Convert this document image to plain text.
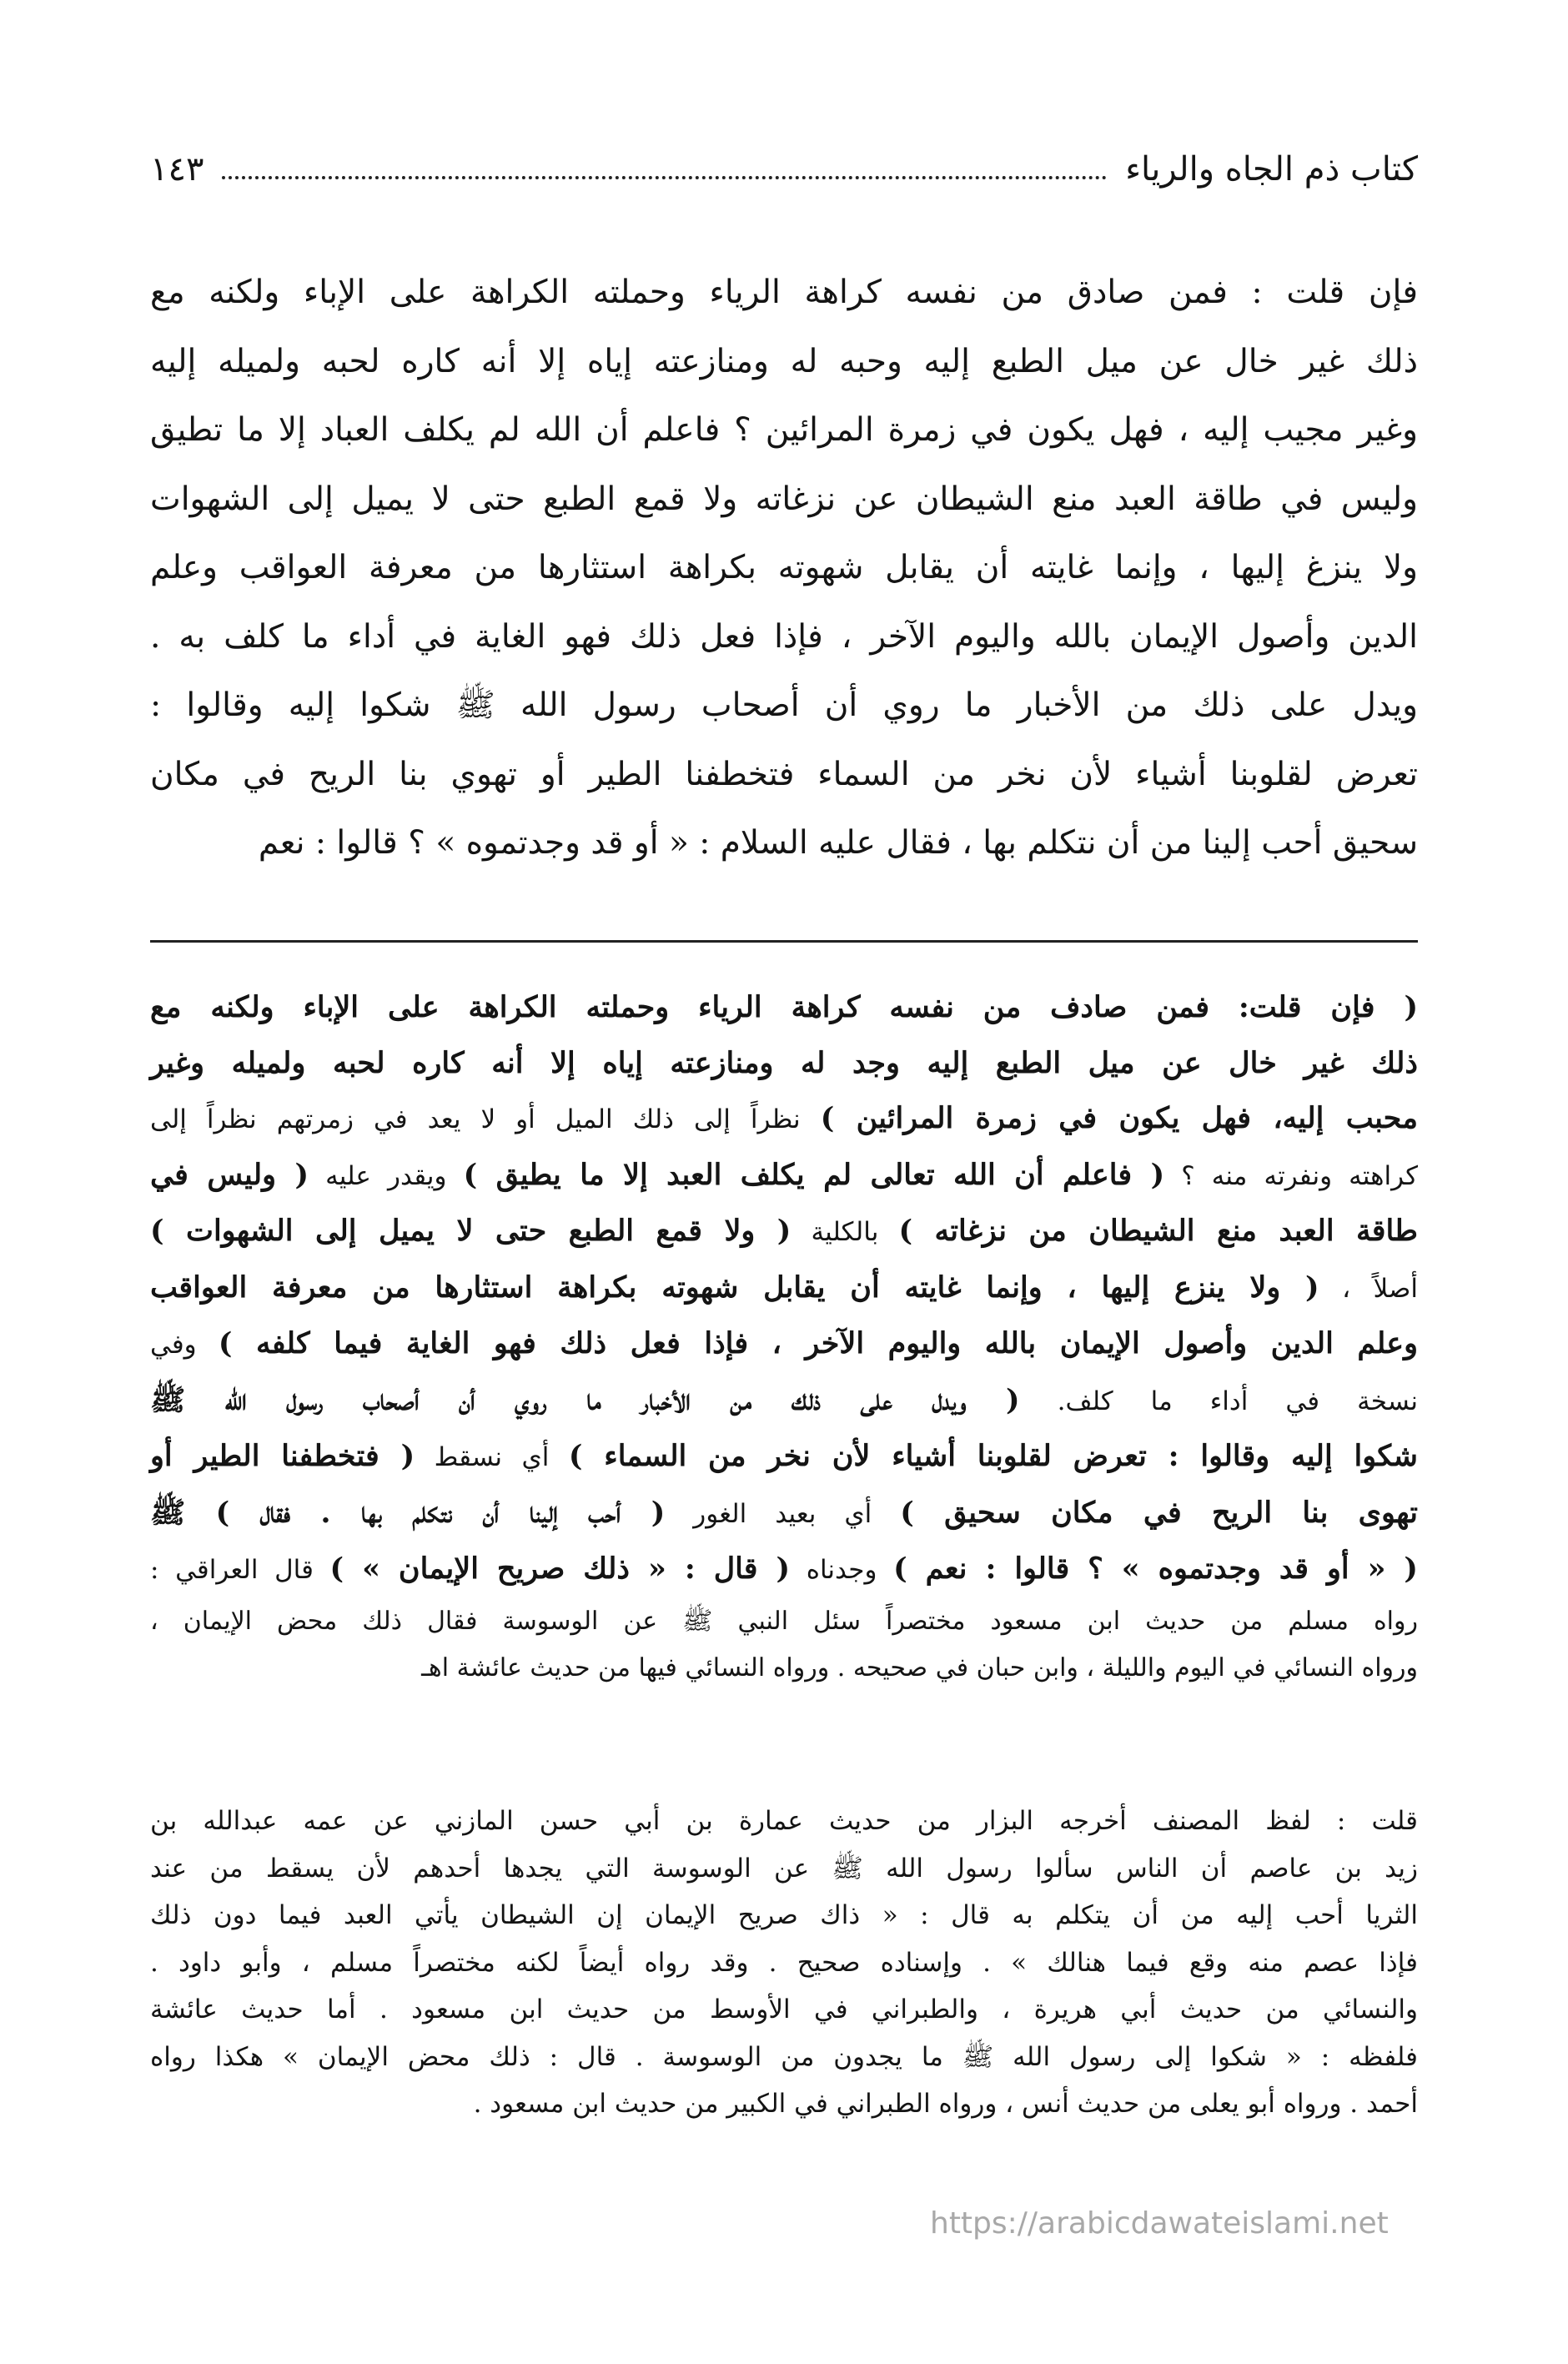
كتاب ذم الجاه والرياء
١٤٣

فإن قلت : فمن صادق من نفسه كراهة الرياء وحملته الكراهة على الإباء ولكنه مع

ذلك غير خال عن ميل الطبع إليه وحبه له ومنازعته إياه إلا أنه كاره لحبه ولميله إليه

وغير مجيب إليه ، فهل يكون في زمرة المرائين ؟ فاعلم أن الله لم يكلف العباد إلا ما تطيق

وليس في طاقة العبد منع الشيطان عن نزغاته ولا قمع الطبع حتى لا يميل إلى الشهوات

ولا ينزغ إليها ، وإنما غايته أن يقابل شهوته بكراهة استثارها من معرفة العواقب وعلم

الدين وأصول الإيمان بالله واليوم الآخر ، فإذا فعل ذلك فهو الغاية في أداء ما كلف به .

ويدل على ذلك من الأخبار ما روي أن أصحاب رسول الله ﷺ شكوا إليه وقالوا :

تعرض لقلوبنا أشياء لأن نخر من السماء فتخطفنا الطير أو تهوي بنا الريح في مكان

سحيق أحب إلينا من أن نتكلم بها ، فقال عليه السلام : « أو قد وجدتموه » ؟ قالوا : نعم

( فإن قلت: فمن صادف من نفسه كراهة الرياء وحملته الكراهة على الإباء ولكنه مع

ذلك غير خال عن ميل الطبع إليه وجد له ومنازعته إياه إلا أنه كاره لحبه ولميله وغير

محبب إليه، فهل يكون في زمرة المرائين ) نظراً إلى ذلك الميل أو لا يعد في زمرتهم نظراً إلى

كراهته ونفرته منه ؟ ( فاعلم أن الله تعالى لم يكلف العبد إلا ما يطيق ) ويقدر عليه ( وليس في

طاقة العبد منع الشيطان من نزغاته ) بالكلية ( ولا قمع الطبع حتى لا يميل إلى الشهوات )

أصلاً ، ( ولا ينزع إليها ، وإنما غايته أن يقابل شهوته بكراهة استثارها من معرفة العواقب

وعلم الدين وأصول الإيمان بالله واليوم الآخر ، فإذا فعل ذلك فهو الغاية فيما كلفه ) وفي

نسخة في أداء ما كلف. ( ويدل على ذلك من الأخبار ما روي أن أصحاب رسول الله ﷺ

شكوا إليه وقالوا : تعرض لقلوبنا أشياء لأن نخر من السماء ) أي نسقط ( فتخطفنا الطير أو

تهوى بنا الريح في مكان سحيق ) أي بعيد الغور ( أحب إلينا أن نتكلم بها . فقال ) ﷺ

( « أو قد وجدتموه » ؟ قالوا : نعم ) وجدناه ( قال : « ذلك صريح الإيمان » ) قال العراقي :

رواه مسلم من حديث ابن مسعود مختصراً سئل النبي ﷺ عن الوسوسة فقال ذلك محض الإيمان ،

ورواه النسائي في اليوم والليلة ، وابن حبان في صحيحه . ورواه النسائي فيها من حديث عائشة اهـ

قلت : لفظ المصنف أخرجه البزار من حديث عمارة بن أبي حسن المازني عن عمه عبدالله بن

زيد بن عاصم أن الناس سألوا رسول الله ﷺ عن الوسوسة التي يجدها أحدهم لأن يسقط من عند

الثريا أحب إليه من أن يتكلم به قال : « ذاك صريح الإيمان إن الشيطان يأتي العبد فيما دون ذلك

فإذا عصم منه وقع فيما هنالك » . وإسناده صحيح . وقد رواه أيضاً لكنه مختصراً مسلم ، وأبو داود .

والنسائي من حديث أبي هريرة ، والطبراني في الأوسط من حديث ابن مسعود . أما حديث عائشة

فلفظه : « شكوا إلى رسول الله ﷺ ما يجدون من الوسوسة . قال : ذلك محض الإيمان » هكذا رواه

أحمد . ورواه أبو يعلى من حديث أنس ، ورواه الطبراني في الكبير من حديث ابن مسعود .

https://arabicdawateislami.net
